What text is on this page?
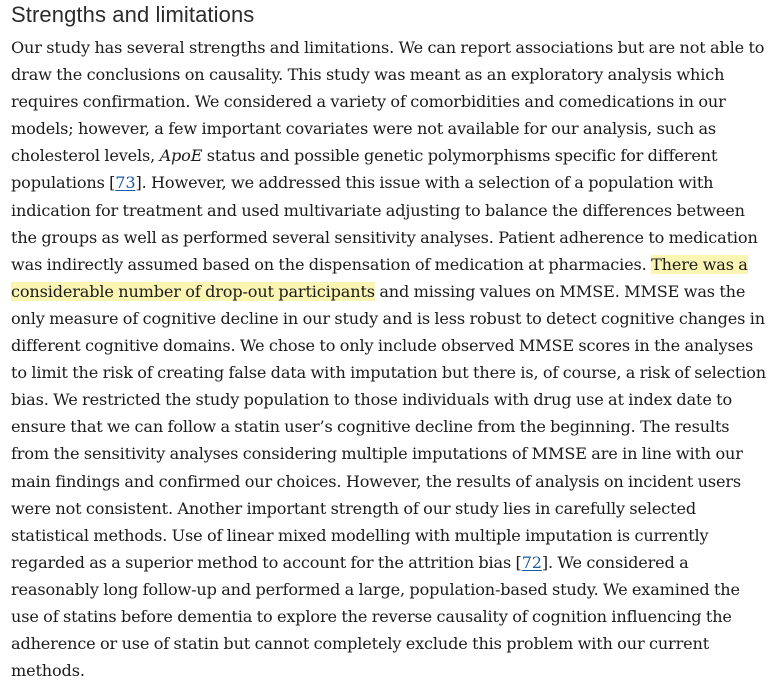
Strengths and limitations

Our study has several strengths and limitations. We can report associations but are not able to draw the conclusions on causality. This study was meant as an exploratory analysis which requires confirmation. We considered a variety of comorbidities and comedications in our models; however, a few important covariates were not available for our analysis, such as cholesterol levels, ApoE status and possible genetic polymorphisms specific for different populations [73]. However, we addressed this issue with a selection of a population with indication for treatment and used multivariate adjusting to balance the differences between the groups as well as performed several sensitivity analyses. Patient adherence to medication was indirectly assumed based on the dispensation of medication at pharmacies. There was a considerable number of drop-out participants and missing values on MMSE. MMSE was the only measure of cognitive decline in our study and is less robust to detect cognitive changes in different cognitive domains. We chose to only include observed MMSE scores in the analyses to limit the risk of creating false data with imputation but there is, of course, a risk of selection bias. We restricted the study population to those individuals with drug use at index date to ensure that we can follow a statin user’s cognitive decline from the beginning. The results from the sensitivity analyses considering multiple imputations of MMSE are in line with our main findings and confirmed our choices. However, the results of analysis on incident users were not consistent. Another important strength of our study lies in carefully selected statistical methods. Use of linear mixed modelling with multiple imputation is currently regarded as a superior method to account for the attrition bias [72]. We considered a reasonably long follow-up and performed a large, population-based study. We examined the use of statins before dementia to explore the reverse causality of cognition influencing the adherence or use of statin but cannot completely exclude this problem with our current methods.
